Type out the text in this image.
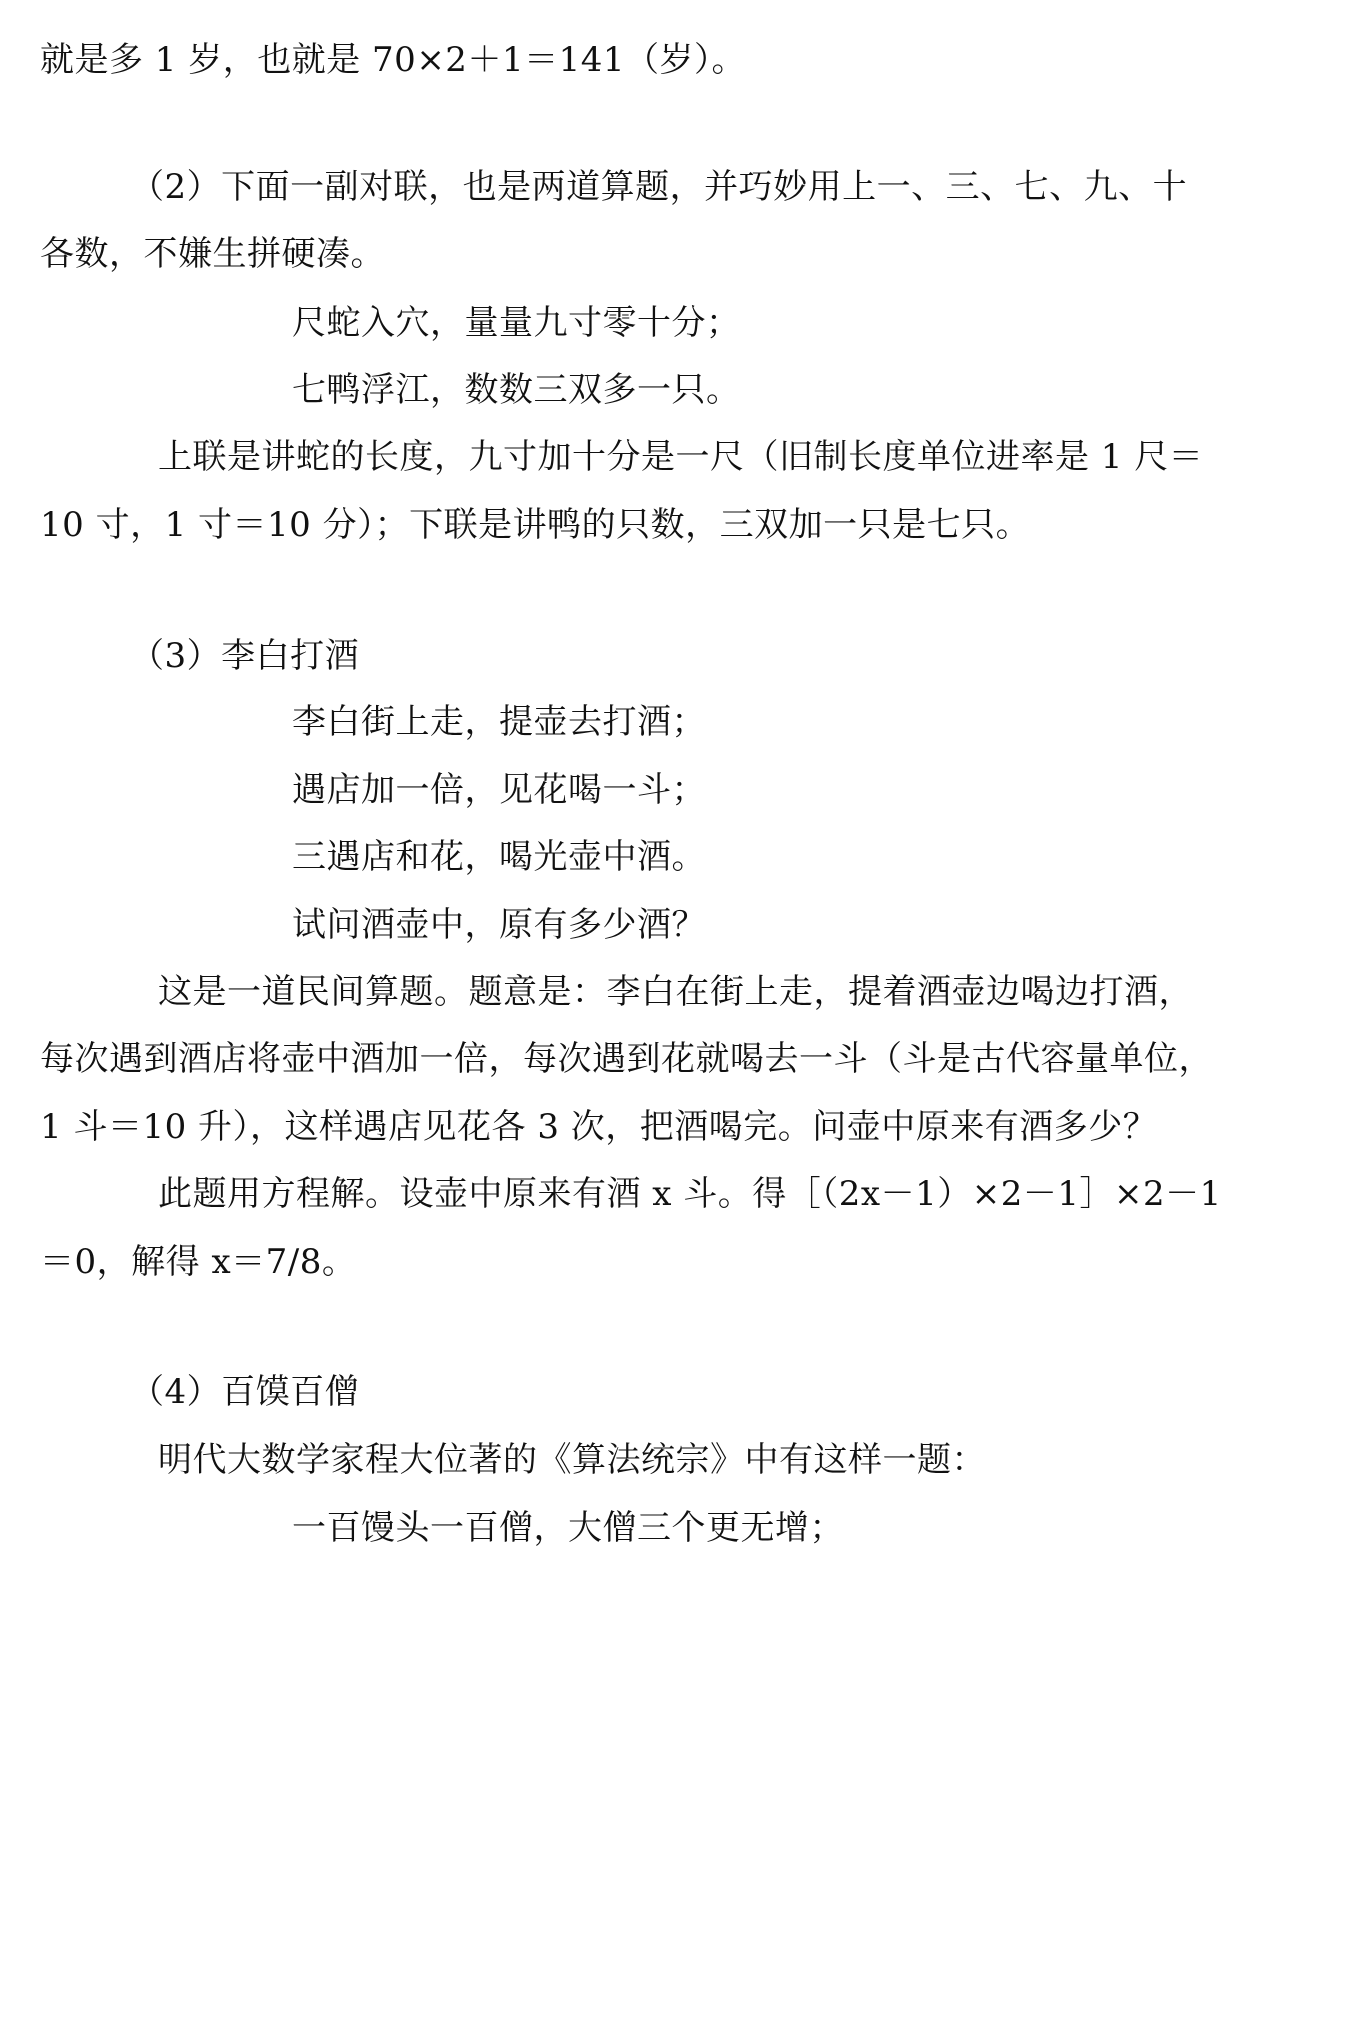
就是多 1 岁，也就是 70×2＋1＝141（岁）。
（2）下面一副对联，也是两道算题，并巧妙用上一、三、七、九、十
各数，不嫌生拼硬凑。
尺蛇入穴，量量九寸零十分；
七鸭浮江，数数三双多一只。
上联是讲蛇的长度，九寸加十分是一尺（旧制长度单位进率是 1 尺＝
10 寸，1 寸＝10 分）；下联是讲鸭的只数，三双加一只是七只。
（3）李白打酒
李白街上走，提壶去打酒；
遇店加一倍，见花喝一斗；
三遇店和花，喝光壶中酒。
试问酒壶中，原有多少酒？
这是一道民间算题。题意是：李白在街上走，提着酒壶边喝边打酒，
每次遇到酒店将壶中酒加一倍，每次遇到花就喝去一斗（斗是古代容量单位，
1 斗＝10 升），这样遇店见花各 3 次，把酒喝完。问壶中原来有酒多少？
此题用方程解。设壶中原来有酒 x 斗。得［（2x－1）×2－1］×2－1
＝0，解得 x＝7/8。
（4）百馍百僧
明代大数学家程大位著的《算法统宗》中有这样一题：
一百馒头一百僧，大僧三个更无增；
